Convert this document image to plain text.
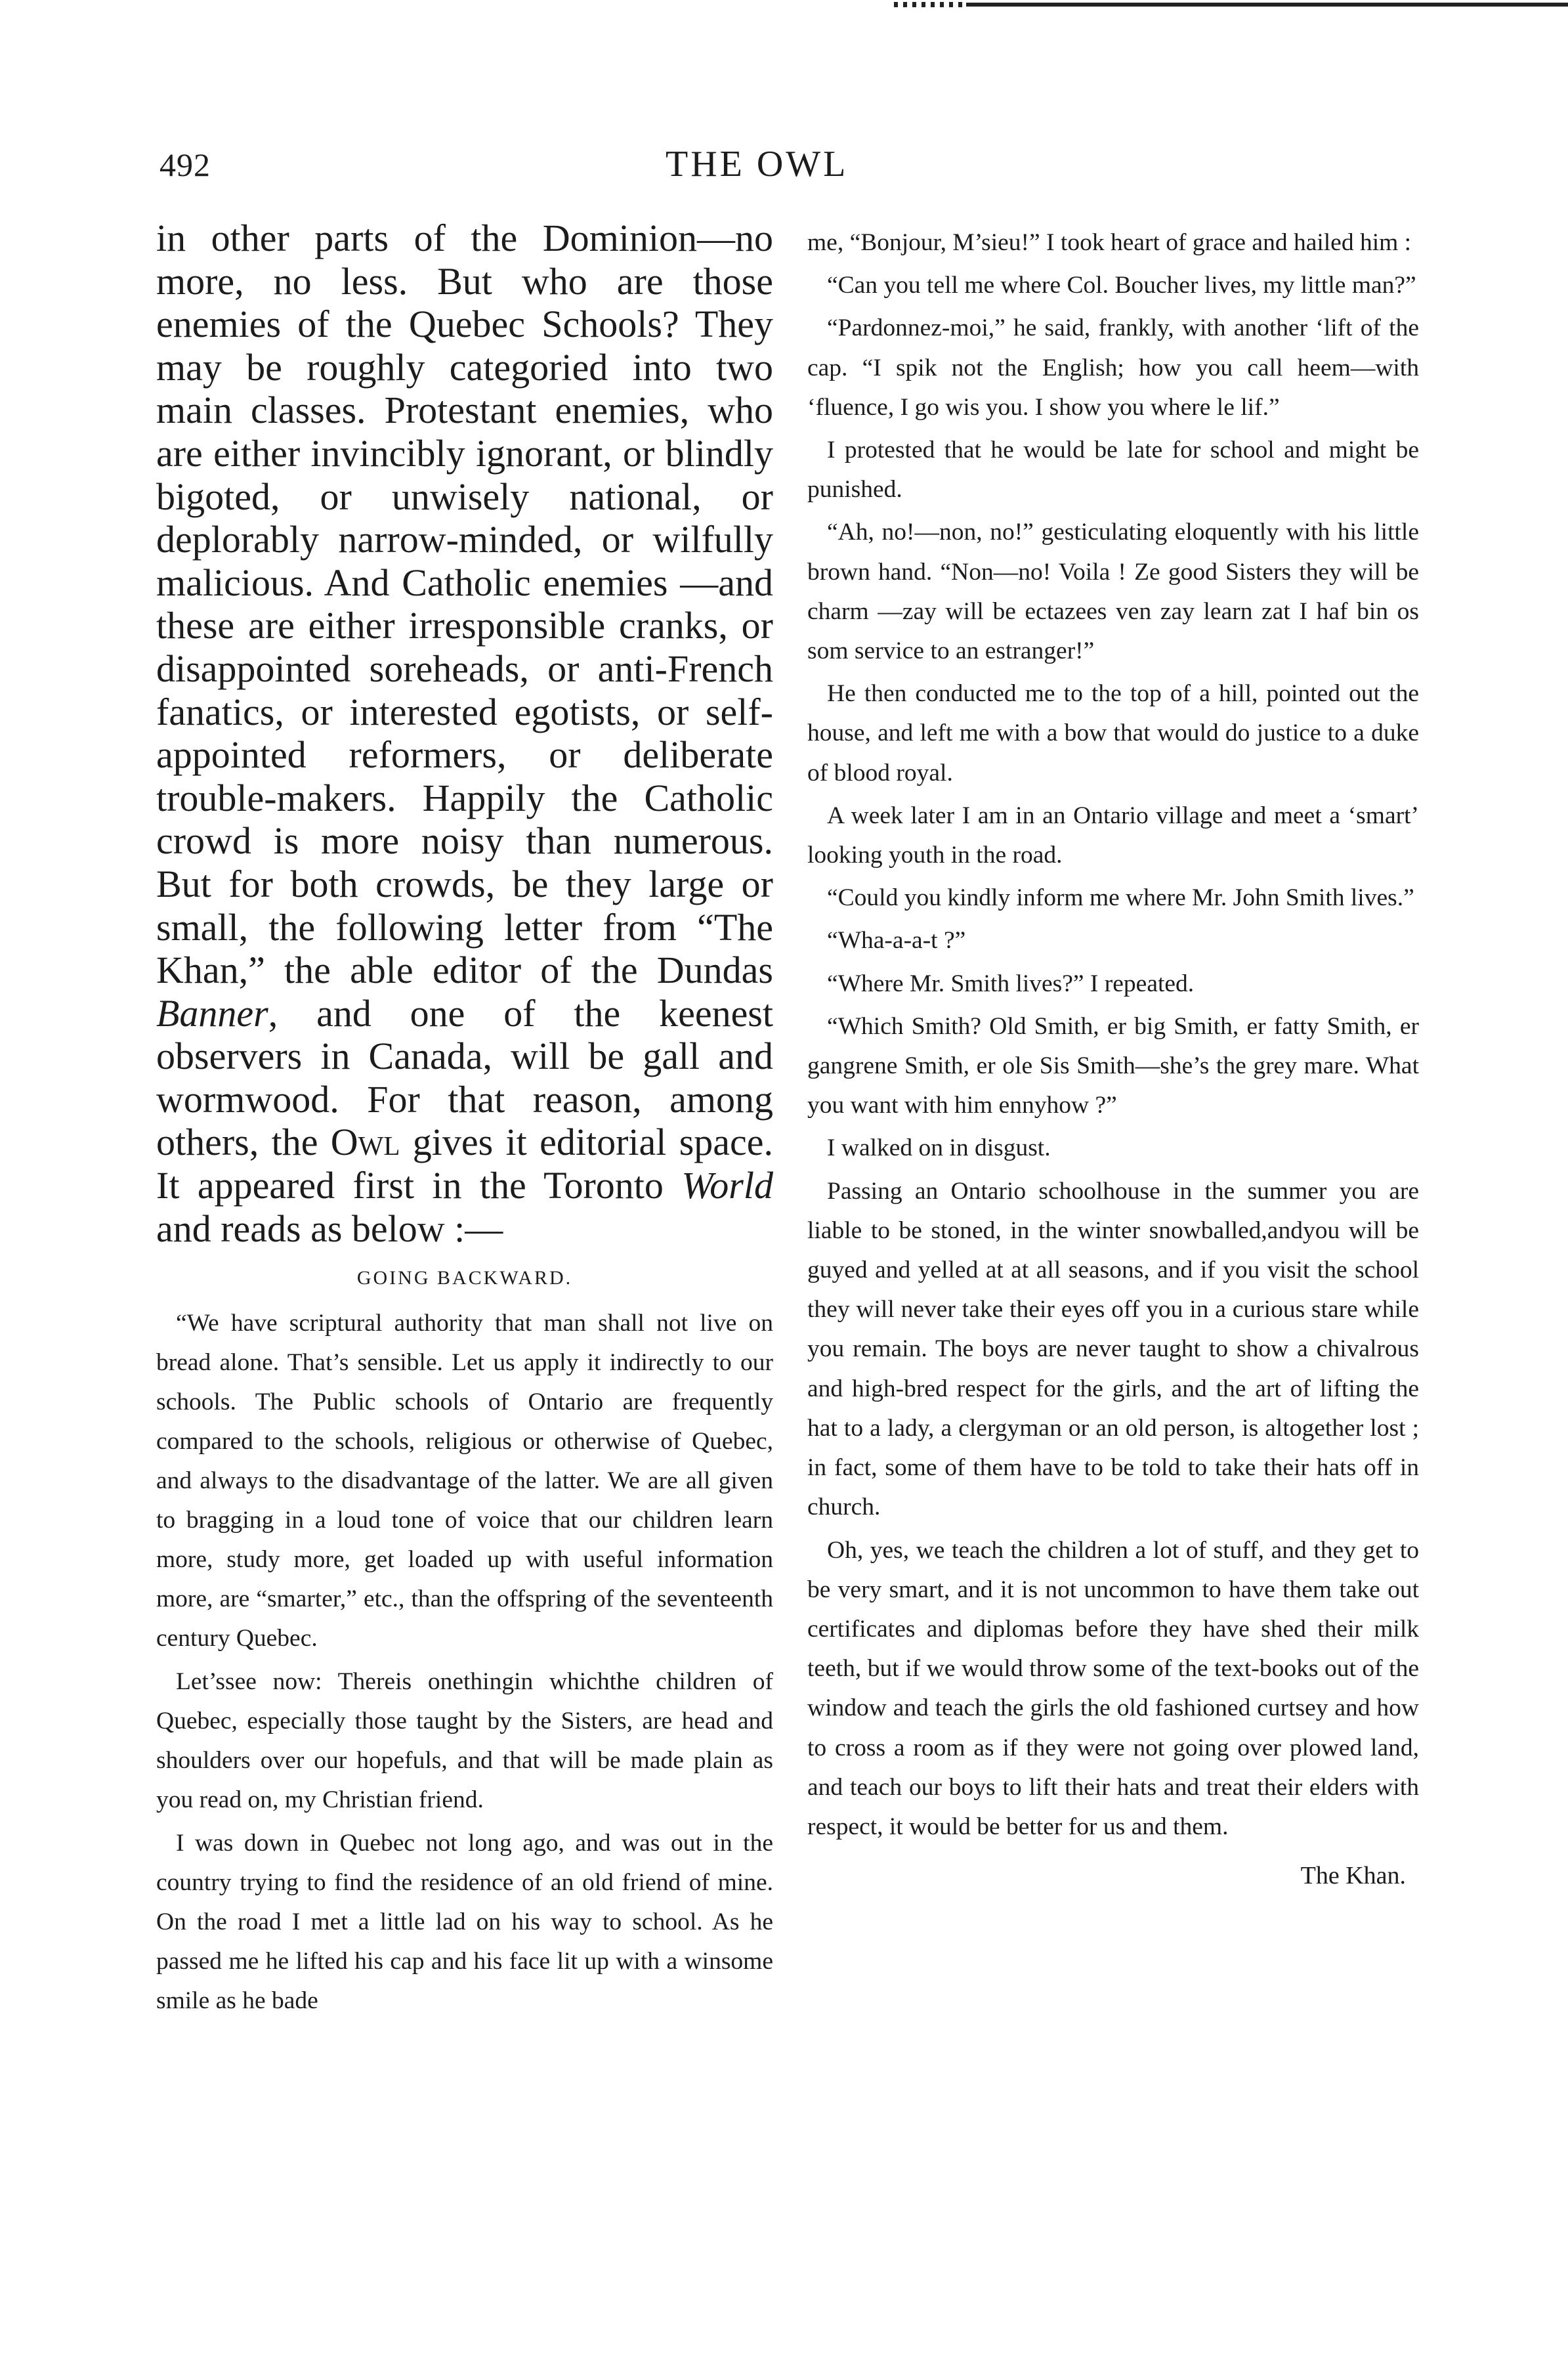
492	THE OWL

in other parts of the Dominion—no more, no less. But who are those enemies of the Quebec Schools? They may be roughly categoried into two main classes. Protestant enemies, who are either invincibly ignorant, or blindly bigoted, or unwisely national, or deplorably narrow-minded, or wilfully malicious. And Catholic enemies —and these are either irresponsible cranks, or disappointed soreheads, or anti-French fanatics, or interested egotists, or self-appointed reformers, or deliberate trouble-makers. Happily the Catholic crowd is more noisy than numerous. But for both crowds, be they large or small, the following letter from “The Khan,” the able editor of the Dundas Banner, and one of the keenest observers in Canada, will be gall and wormwood. For that reason, among others, the Owl gives it editorial space. It appeared first in the Toronto World and reads as below :—

GOING BACKWARD.

“We have scriptural authority that man shall not live on bread alone. That’s sensible. Let us apply it indirectly to our schools. The Public schools of Ontario are frequently compared to the schools, religious or otherwise of Quebec, and always to the disadvantage of the latter. We are all given to bragging in a loud tone of voice that our children learn more, study more, get loaded up with useful information more, are “smarter,” etc., than the offspring of the seventeenth century Quebec.

Let’ssee now: Thereis onethingin whichthe children of Quebec, especially those taught by the Sisters, are head and shoulders over our hopefuls, and that will be made plain as you read on, my Christian friend.

I was down in Quebec not long ago, and was out in the country trying to find the residence of an old friend of mine. On the road I met a little lad on his way to school. As he passed me he lifted his cap and his face lit up with a winsome smile as he bade

me, “Bonjour, M’sieu!” I took heart of grace and hailed him :

“Can you tell me where Col. Boucher lives, my little man?”

“Pardonnez-moi,” he said, frankly, with another ‘lift of the cap. “I spik not the English; how you call heem—with ‘fluence, I go wis you. I show you where le lif.”

I protested that he would be late for school and might be punished.

“Ah, no!—non, no!” gesticulating eloquently with his little brown hand. “Non—no! Voila ! Ze good Sisters they will be charm —zay will be ectazees ven zay learn zat I haf bin os som service to an estranger!”

He then conducted me to the top of a hill, pointed out the house, and left me with a bow that would do justice to a duke of blood royal.

A week later I am in an Ontario village and meet a ‘smart’ looking youth in the road.

“Could you kindly inform me where Mr. John Smith lives.”

“Wha-a-a-t ?”

“Where Mr. Smith lives?” I repeated.

“Which Smith? Old Smith, er big Smith, er fatty Smith, er gangrene Smith, er ole Sis Smith—she’s the grey mare. What you want with him ennyhow ?”

I walked on in disgust.

Passing an Ontario schoolhouse in the summer you are liable to be stoned, in the winter snowballed,andyou will be guyed and yelled at at all seasons, and if you visit the school they will never take their eyes off you in a curious stare while you remain. The boys are never taught to show a chivalrous and high-bred respect for the girls, and the art of lifting the hat to a lady, a clergyman or an old person, is altogether lost ; in fact, some of them have to be told to take their hats off in church.

Oh, yes, we teach the children a lot of stuff, and they get to be very smart, and it is not uncommon to have them take out certificates and diplomas before they have shed their milk teeth, but if we would throw some of the text-books out of the window and teach the girls the old fashioned curtsey and how to cross a room as if they were not going over plowed land, and teach our boys to lift their hats and treat their elders with respect, it would be better for us and them.

The Khan.
